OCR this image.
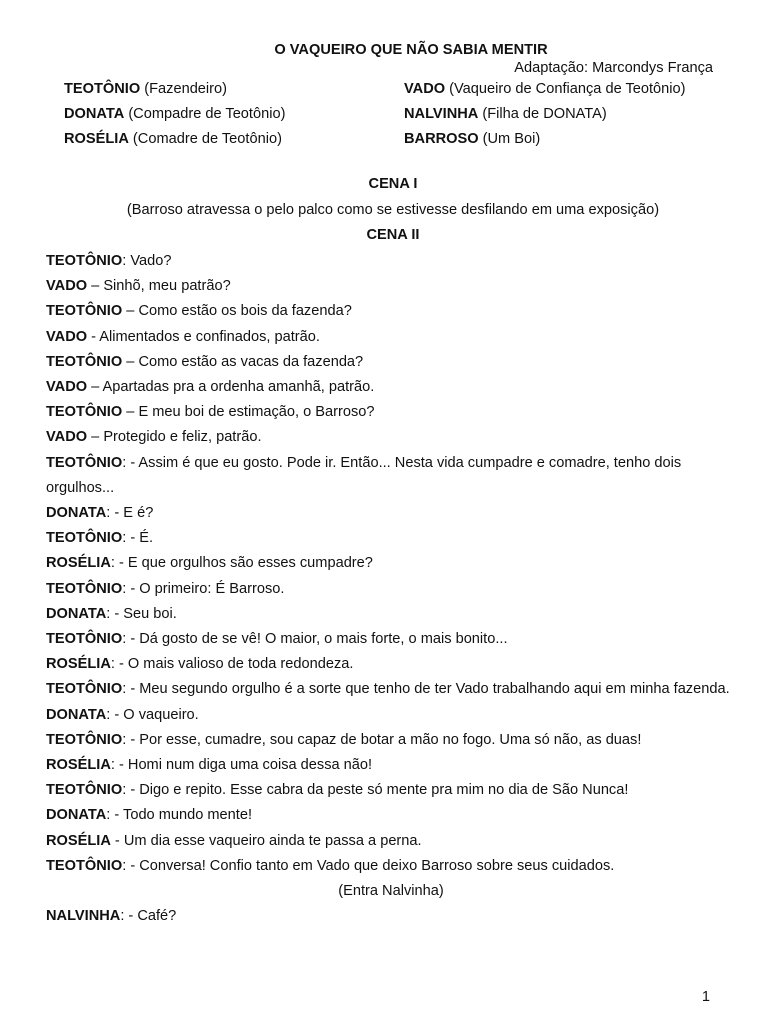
O VAQUEIRO QUE NÃO SABIA MENTIR
Adaptação: Marcondys França
TEOTÔNIO (Fazendeiro)	VADO (Vaqueiro de Confiança de Teotônio)
DONATA (Compadre de Teotônio)	NALVINHA (Filha de DONATA)
ROSÉLIA (Comadre de Teotônio)	BARROSO (Um Boi)
CENA I
(Barroso atravessa o pelo palco como se estivesse desfilando em uma exposição)
CENA II
TEOTÔNIO: Vado?
VADO – Sinhõ, meu patrão?
TEOTÔNIO – Como estão os bois da fazenda?
VADO - Alimentados e confinados, patrão.
TEOTÔNIO – Como estão as vacas da fazenda?
VADO – Apartadas pra a ordenha amanhã, patrão.
TEOTÔNIO – E meu boi de estimação, o Barroso?
VADO – Protegido e feliz, patrão.
TEOTÔNIO: - Assim é que eu gosto. Pode ir. Então... Nesta vida cumpadre e comadre, tenho dois orgulhos...
DONATA: - E é?
TEOTÔNIO: - É.
ROSÉLIA: - E que orgulhos são esses cumpadre?
TEOTÔNIO: - O primeiro: É Barroso.
DONATA: - Seu boi.
TEOTÔNIO: - Dá gosto de se vê! O maior, o mais forte, o mais bonito...
ROSÉLIA: - O mais valioso de toda redondeza.
TEOTÔNIO: - Meu segundo orgulho é a sorte que tenho de ter Vado trabalhando aqui em minha fazenda.
DONATA: - O vaqueiro.
TEOTÔNIO: - Por esse, cumadre, sou capaz de botar a mão no fogo. Uma só não, as duas!
ROSÉLIA: - Homi num diga uma coisa dessa não!
TEOTÔNIO: - Digo e repito. Esse cabra da peste só mente pra mim no dia de São Nunca!
DONATA: - Todo mundo mente!
ROSÉLIA - Um dia esse vaqueiro ainda te passa a perna.
TEOTÔNIO: - Conversa! Confio tanto em Vado que deixo Barroso sobre seus cuidados.
(Entra Nalvinha)
NALVINHA: - Café?
1
